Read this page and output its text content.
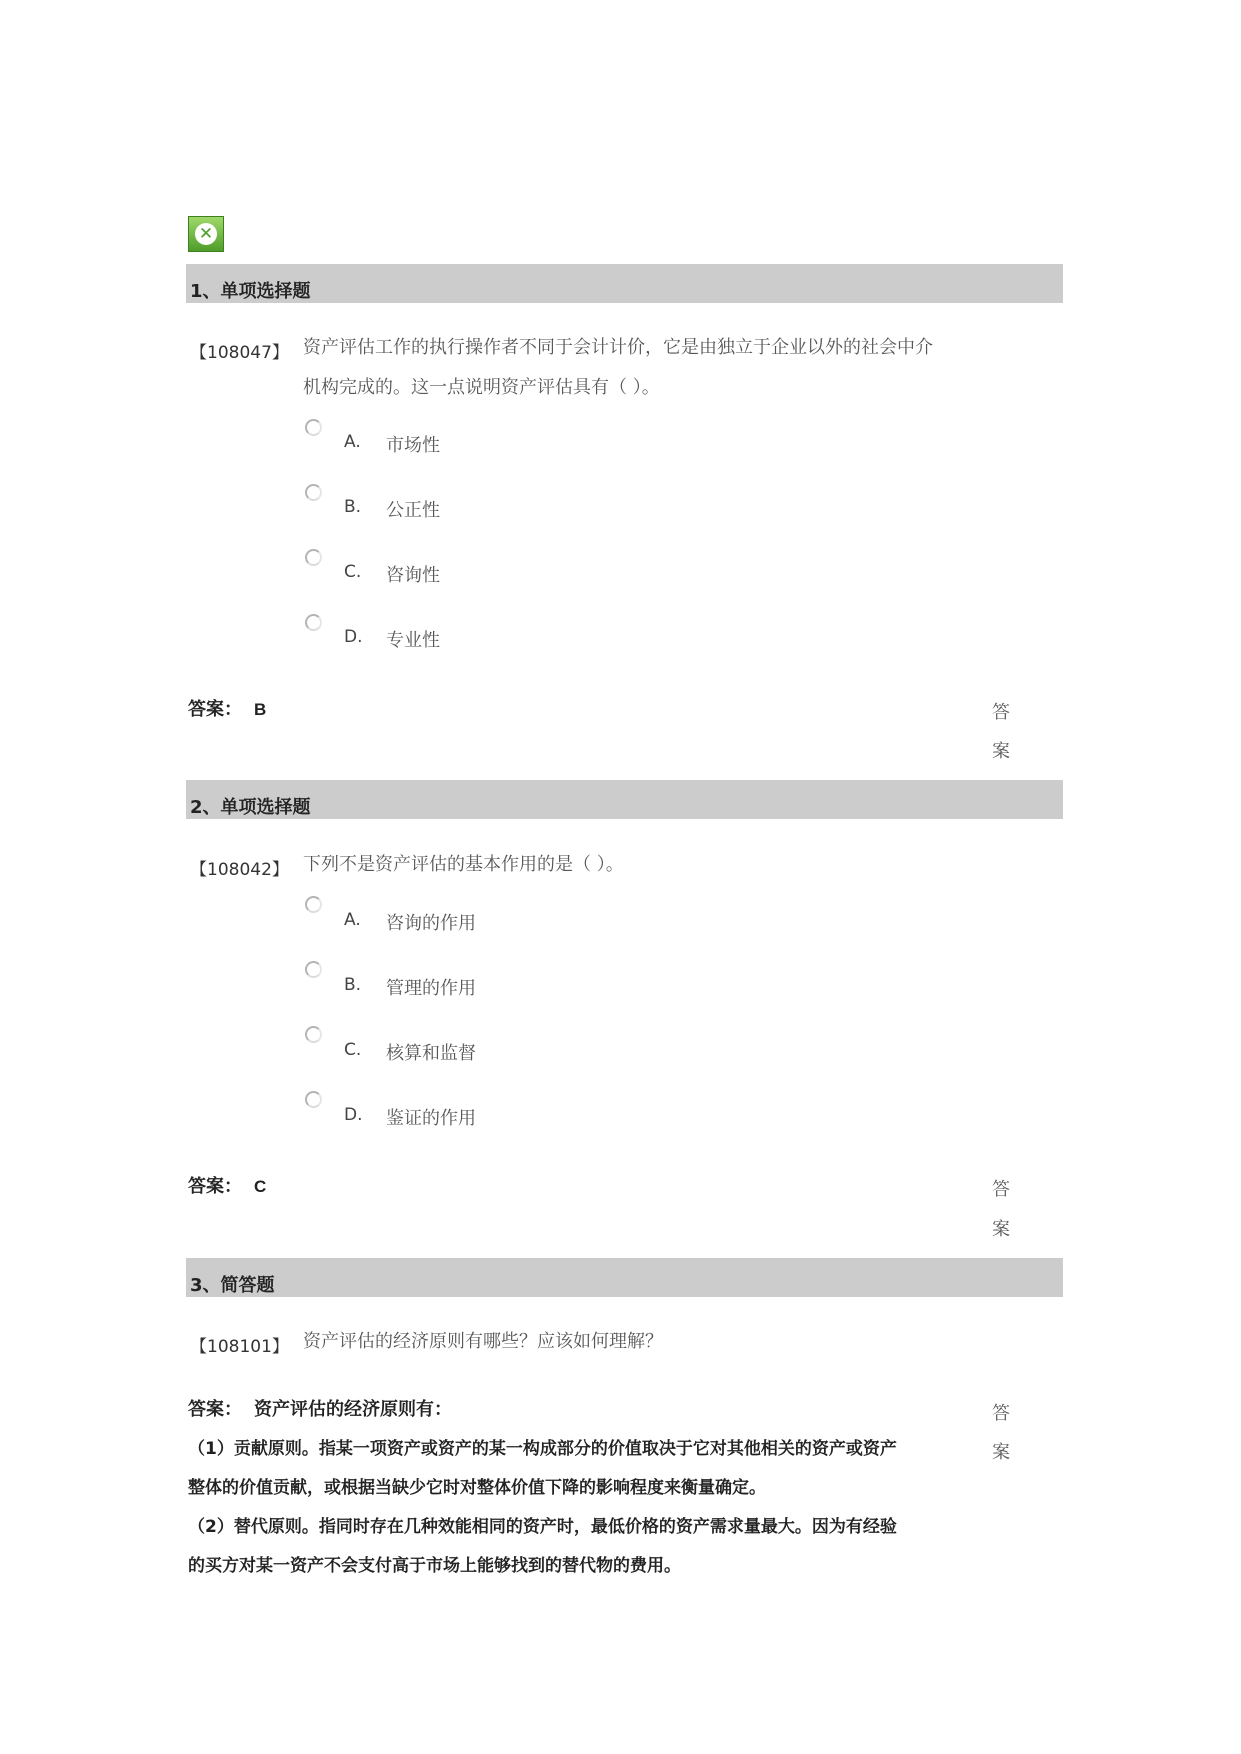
✕
1、单项选择题
【108047】 资产评估工作的执行操作者不同于会计计价，它是由独立于企业以外的社会中介
机构完成的。这一点说明资产评估具有（ ）。
A. 市场性
B. 公正性
C. 咨询性
D. 专业性
答案： B	答
案
2、单项选择题
【108042】 下列不是资产评估的基本作用的是（ ）。
A. 咨询的作用
B. 管理的作用
C. 核算和监督
D. 鉴证的作用
答案： C	答
案
3、简答题
【108101】 资产评估的经济原则有哪些？应该如何理解？
答案： 资产评估的经济原则有：	答
案
（1）贡献原则。指某一项资产或资产的某一构成部分的价值取决于它对其他相关的资产或资产
整体的价值贡献，或根据当缺少它时对整体价值下降的影响程度来衡量确定。
（2）替代原则。指同时存在几种效能相同的资产时，最低价格的资产需求量最大。因为有经验
的买方对某一资产不会支付高于市场上能够找到的替代物的费用。
